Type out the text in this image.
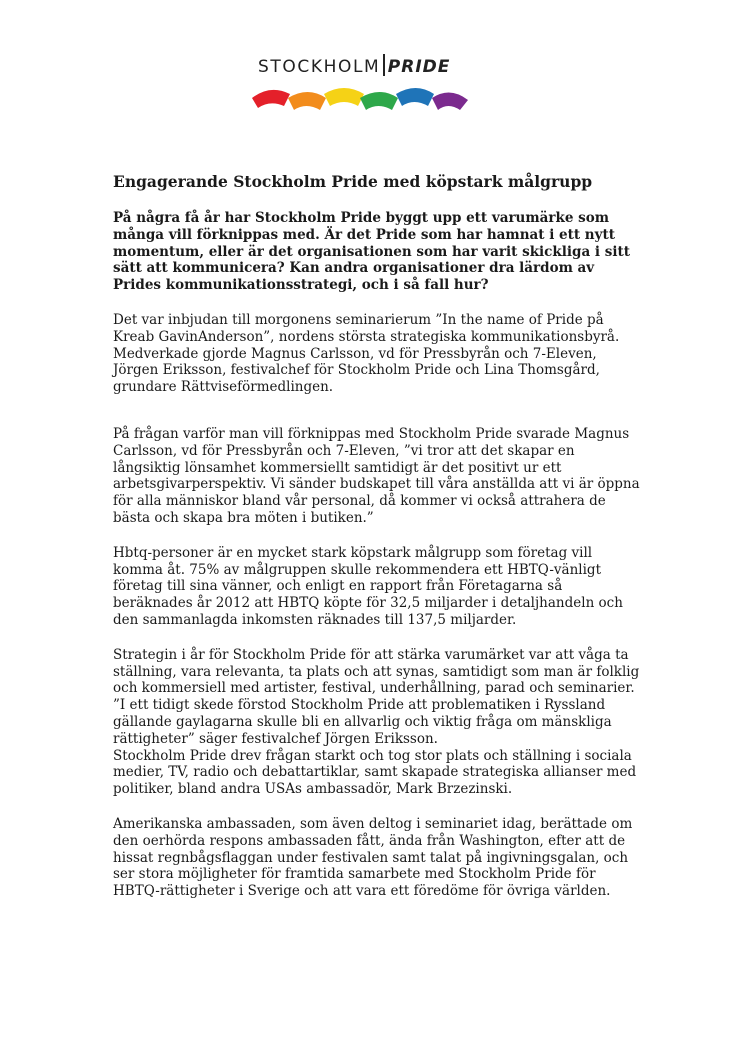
STOCKHOLM PRIDE
Engagerande Stockholm Pride med köpstark målgrupp

På några få år har Stockholm Pride byggt upp ett varumärke som många vill förknippas med. Är det Pride som har hamnat i ett nytt momentum, eller är det organisationen som har varit skickliga i sitt sätt att kommunicera? Kan andra organisationer dra lärdom av Prides kommunikationsstrategi, och i så fall hur?

Det var inbjudan till morgonens seminarierum ”In the name of Pride på Kreab GavinAnderson”, nordens största strategiska kommunikationsbyrå. Medverkade gjorde Magnus Carlsson, vd för Pressbyrån och 7-Eleven, Jörgen Eriksson, festivalchef för Stockholm Pride och Lina Thomsgård, grundare Rättviseförmedlingen.

På frågan varför man vill förknippas med Stockholm Pride svarade Magnus Carlsson, vd för Pressbyrån och 7-Eleven, ”vi tror att det skapar en långsiktig lönsamhet kommersiellt samtidigt är det positivt ur ett arbetsgivarperspektiv. Vi sänder budskapet till våra anställda att vi är öppna för alla människor bland vår personal, då kommer vi också attrahera de bästa och skapa bra möten i butiken.”

Hbtq-personer är en mycket stark köpstark målgrupp som företag vill komma åt. 75% av målgruppen skulle rekommendera ett HBTQ-vänligt företag till sina vänner, och enligt en rapport från Företagarna så beräknades år 2012 att HBTQ köpte för 32,5 miljarder i detaljhandeln och den sammanlagda inkomsten räknades till 137,5 miljarder.

Strategin i år för Stockholm Pride för att stärka varumärket var att våga ta ställning, vara relevanta, ta plats och att synas, samtidigt som man är folklig och kommersiell med artister, festival, underhållning, parad och seminarier.

”I ett tidigt skede förstod Stockholm Pride att problematiken i Ryssland gällande gaylagarna skulle bli en allvarlig och viktig fråga om mänskliga rättigheter” säger festivalchef Jörgen Eriksson.

Stockholm Pride drev frågan starkt och tog stor plats och ställning i sociala medier, TV, radio och debattartiklar, samt skapade strategiska allianser med politiker, bland andra USAs ambassadör, Mark Brzezinski.

Amerikanska ambassaden, som även deltog i seminariet idag, berättade om den oerhörda respons ambassaden fått, ända från Washington, efter att de hissat regnbågsflaggan under festivalen samt talat på ingivningsgalan, och ser stora möjligheter för framtida samarbete med Stockholm Pride för HBTQ-rättigheter i Sverige och att vara ett föredöme för övriga världen.
